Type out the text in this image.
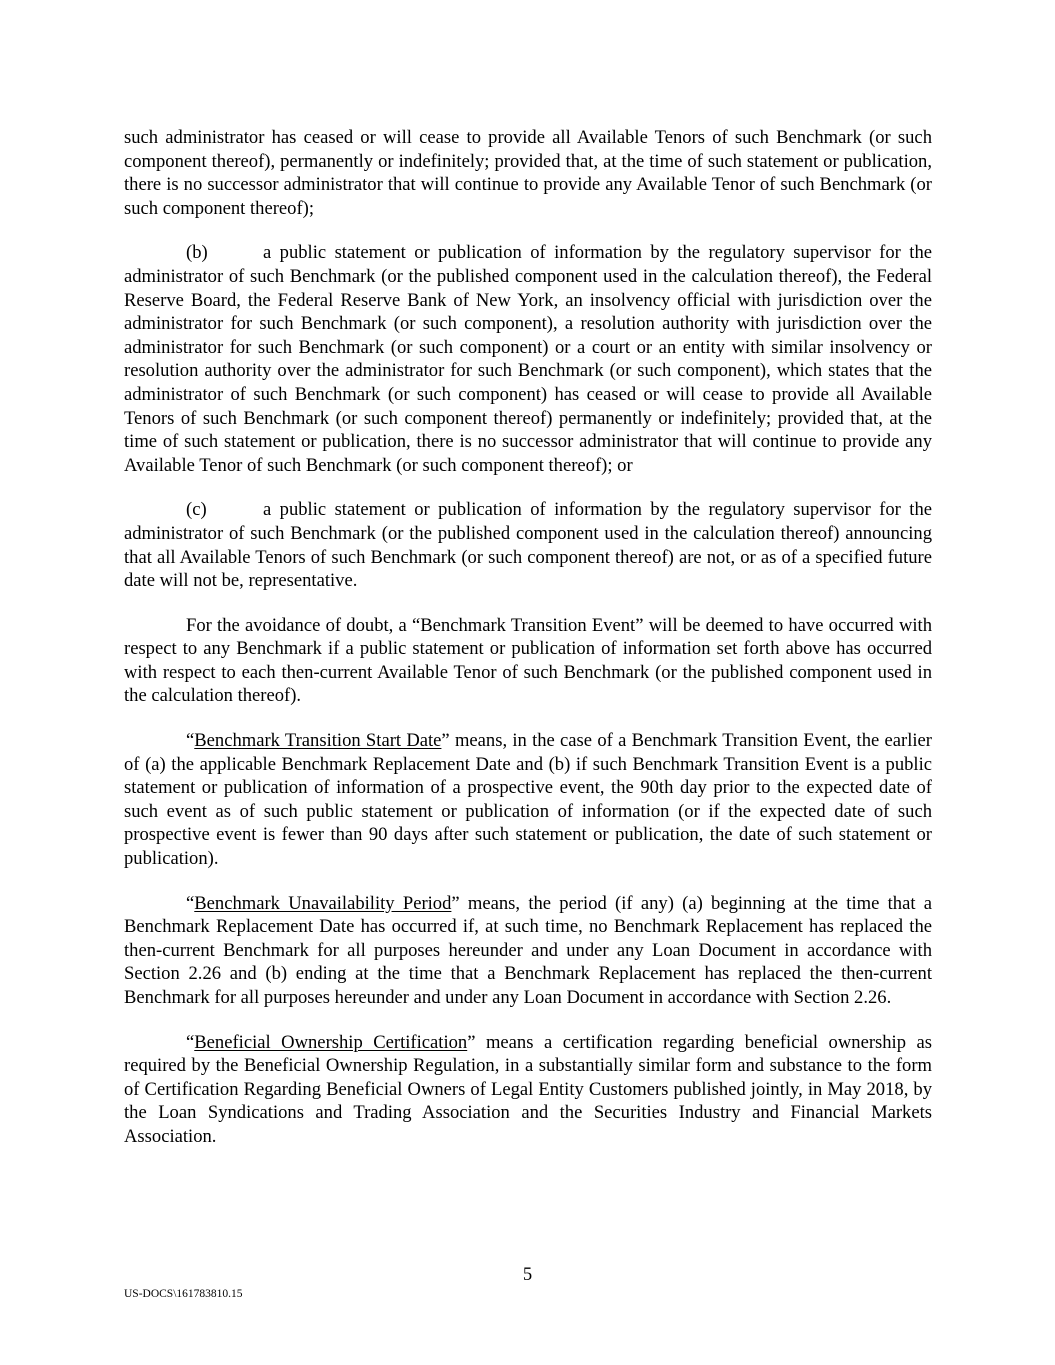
such administrator has ceased or will cease to provide all Available Tenors of such Benchmark (or such component thereof), permanently or indefinitely; provided that, at the time of such statement or publication, there is no successor administrator that will continue to provide any Available Tenor of such Benchmark (or such component thereof);

(b)	a public statement or publication of information by the regulatory supervisor for the administrator of such Benchmark (or the published component used in the calculation thereof), the Federal Reserve Board, the Federal Reserve Bank of New York, an insolvency official with jurisdiction over the administrator for such Benchmark (or such component), a resolution authority with jurisdiction over the administrator for such Benchmark (or such component) or a court or an entity with similar insolvency or resolution authority over the administrator for such Benchmark (or such component), which states that the administrator of such Benchmark (or such component) has ceased or will cease to provide all Available Tenors of such Benchmark (or such component thereof) permanently or indefinitely; provided that, at the time of such statement or publication, there is no successor administrator that will continue to provide any Available Tenor of such Benchmark (or such component thereof); or

(c)	a public statement or publication of information by the regulatory supervisor for the administrator of such Benchmark (or the published component used in the calculation thereof) announcing that all Available Tenors of such Benchmark (or such component thereof) are not, or as of a specified future date will not be, representative.

For the avoidance of doubt, a “Benchmark Transition Event” will be deemed to have occurred with respect to any Benchmark if a public statement or publication of information set forth above has occurred with respect to each then-current Available Tenor of such Benchmark (or the published component used in the calculation thereof).

“Benchmark Transition Start Date” means, in the case of a Benchmark Transition Event, the earlier of (a) the applicable Benchmark Replacement Date and (b) if such Benchmark Transition Event is a public statement or publication of information of a prospective event, the 90th day prior to the expected date of such event as of such public statement or publication of information (or if the expected date of such prospective event is fewer than 90 days after such statement or publication, the date of such statement or publication).

“Benchmark Unavailability Period” means, the period (if any) (a) beginning at the time that a Benchmark Replacement Date has occurred if, at such time, no Benchmark Replacement has replaced the then-current Benchmark for all purposes hereunder and under any Loan Document in accordance with Section 2.26 and (b) ending at the time that a Benchmark Replacement has replaced the then-current Benchmark for all purposes hereunder and under any Loan Document in accordance with Section 2.26.

“Beneficial Ownership Certification” means a certification regarding beneficial ownership as required by the Beneficial Ownership Regulation, in a substantially similar form and substance to the form of Certification Regarding Beneficial Owners of Legal Entity Customers published jointly, in May 2018, by the Loan Syndications and Trading Association and the Securities Industry and Financial Markets Association.

5
US-DOCS\161783810.15
